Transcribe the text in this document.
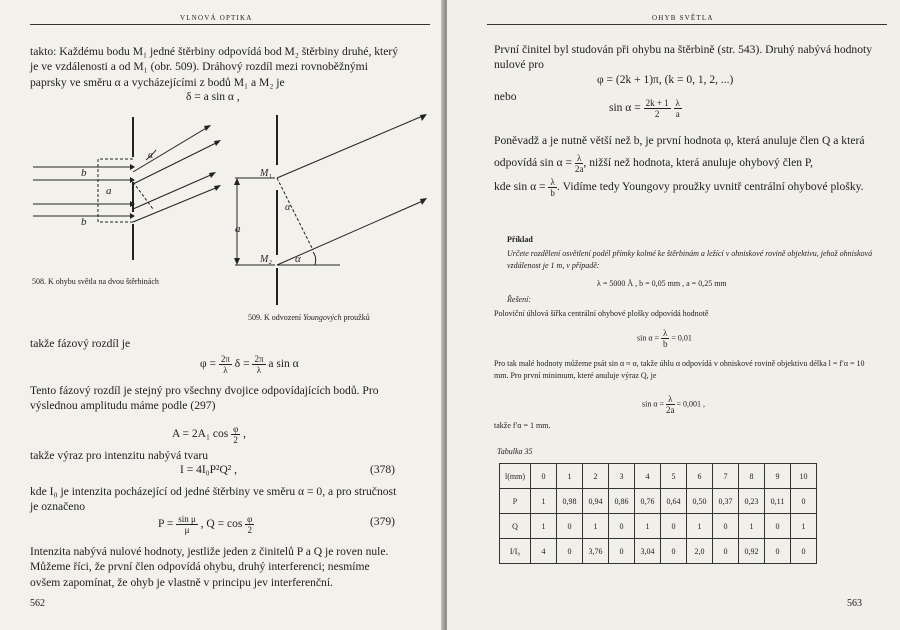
VLNOVÁ OPTIKA

takto: Každému bodu M₁ jedné štěrbiny odpovídá bod M₂ štěrbiny druhé, který je ve vzdálenosti a od M₁ (obr. 509). Dráhový rozdíl mezi rovnoběžnými paprsky ve směru α a vycházejícími z bodů M₁ a M₂ je

δ = a sin α ,
α
b
a
b
508. K ohybu světla na dvou štěrbinách
M₁
M₂
a
α
α
509. K odvození Youngových proužků

takže fázový rozdíl je

$\varphi = \frac{2\pi}{\lambda}$ $\delta = \frac{2\pi}{\lambda}$ a sin α

Tento fázový rozdíl je stejný pro všechny dvojice odpovídajících bodů. Pro výslednou amplitudu máme podle (297)

A = 2A₁ $\cos \frac{\varphi}{2}$ ,

takže výraz pro intenzitu nabývá tvaru

I = 4I₀P²Q² ,	(378)

kde I₀ je intenzita pocházející od jedné štěrbiny ve směru α = 0, a pro stručnost je označeno

$P = \frac{\text{sin μ}}{\mu}$ , $Q = \cos \frac{\varphi}{2}$	(379)

Intenzita nabývá nulové hodnoty, jestliže jeden z činitelů P a Q je roven nule. Můžeme říci, že první člen odpovídá ohybu, druhý interferenci; nesmíme ovšem zapomínat, že ohyb je vlastně v principu jev interferenční.

562
OHYB SVĚTLA

První činitel byl studován při ohybu na štěrbině (str. 543). Druhý nabývá hodnoty nulové pro

φ = (2k + 1)π, (k = 0, 1, 2, ...)

nebo

$\sin \alpha = \frac{2k + 1}{2}$
$\frac{\lambda}{a}$

Poněvadž a je nutně větší než b, je první hodnota φ, která anuluje člen Q a která odpovídá $\sin \alpha = \frac{\lambda}{2a}$ , nižší než hodnota, která anuluje ohybový člen P,

kde $\sin \alpha = \frac{\lambda}{b}$ . Vidíme tedy Youngovy proužky uvnitř centrální ohybové plošky.

Příklad
Určete rozdělení osvětlení podél přímky kolmé ke štěrbinám a ležící v ohniskové rovině objektivu, jehož ohnisková vzdálenost je 1 m, v případě:
λ = 5000 Å , b = 0,05 mm , a = 0,25 mm
Řešení:
Poloviční úhlová šířka centrální ohybové plošky odpovídá hodnotě
$\sin \alpha = \frac{\lambda}{b} = 0,01$
Pro tak malé hodnoty můžeme psát sin α ≈ α, takže úhlu α odpovídá v ohniskové rovině objektivu délka l = f′α = 10 mm. Pro první minimum, které anuluje výraz Q, je
$\sin \alpha = \frac{\lambda}{2a} = 0,001$ ,
takže f′α = 1 mm.
Tabulka 35
l(mm)	0	1	2	3	4	5	6	7	8	9	10
P	1	0,98	0,94	0,86	0,76	0,64	0,50	0,37	0,23	0,11	0
Q	1	0	1	0	1	0	1	0	1	0	1
I/I₀	4	0	3,76	0	3,04	0	2,0	0	0,92	0	0
563
